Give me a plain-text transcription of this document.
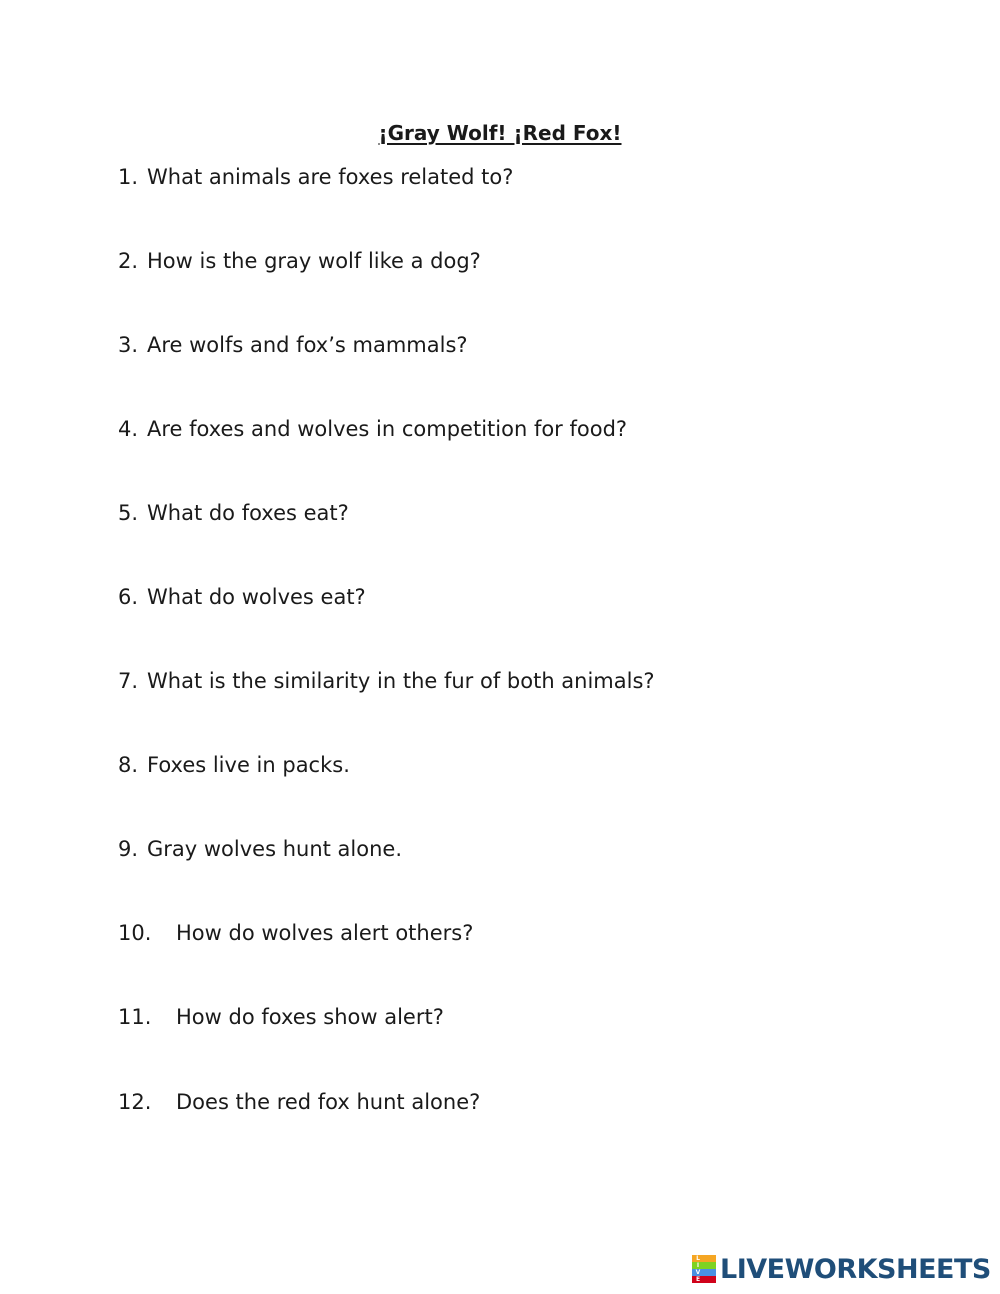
¡Gray Wolf! ¡Red Fox!
1. What animals are foxes related to?
2. How is the gray wolf like a dog?
3. Are wolfs and fox’s mammals?
4. Are foxes and wolves in competition for food?
5. What do foxes eat?
6. What do wolves eat?
7. What is the similarity in the fur of both animals?
8. Foxes live in packs.
9. Gray wolves hunt alone.
10. How do wolves alert others?
11. How do foxes show alert?
12. Does the red fox hunt alone?
L
I
V
E LIVEWORKSHEETS
